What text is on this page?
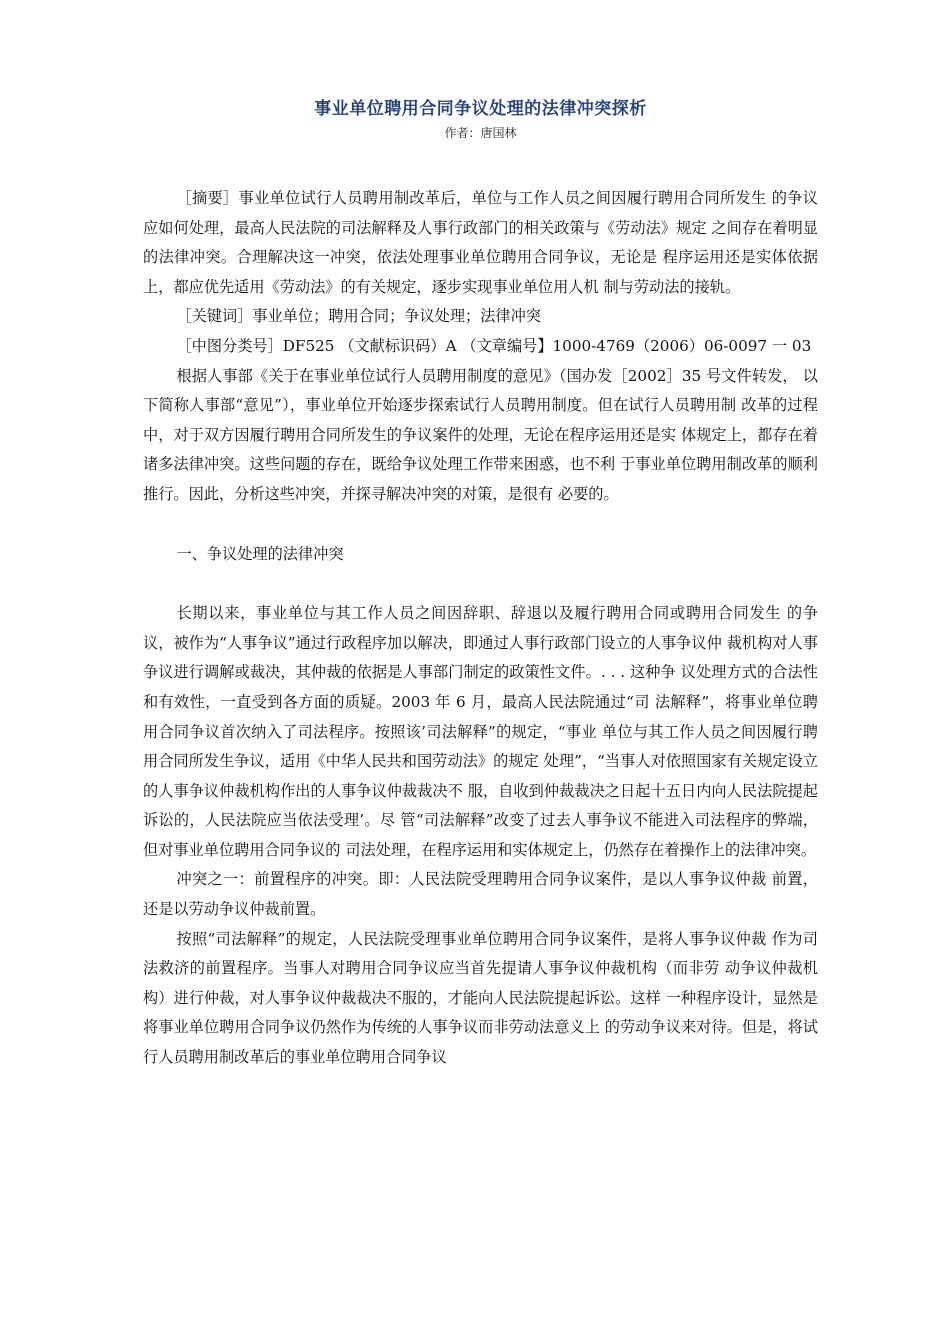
事业单位聘用合同争议处理的法律冲突探析
作者：唐国林

［摘要］事业单位试行人员聘用制改革后，单位与工作人员之间因履行聘用合同所发生 的争议应如何处理，最高人民法院的司法解释及人事行政部门的相关政策与《劳动法》规定 之间存在着明显的法律冲突。合理解决这一冲突，依法处理事业单位聘用合同争议，无论是 程序运用还是实体依据上，都应优先适用《劳动法》的有关规定，逐步实现事业单位用人机 制与劳动法的接轨。

［关键词］事业单位；聘用合同；争议处理；法律冲突

［中图分类号］DF525 （文献标识码）A （文章编号】1000-4769（2006）06-0097 一 03

根据人事部《关于在事业单位试行人员聘用制度的意见》（国办发［2002］35 号文件转发， 以下简称人事部“意见”），事业单位开始逐步探索试行人员聘用制度。但在试行人员聘用制 改革的过程中，对于双方因履行聘用合同所发生的争议案件的处理，无论在程序运用还是实 体规定上，都存在着诸多法律冲突。这些问题的存在，既给争议处理工作带来困惑，也不利 于事业单位聘用制改革的顺利推行。因此，分析这些冲突，并探寻解决冲突的对策，是很有 必要的。

一、争议处理的法律冲突

长期以来，事业单位与其工作人员之间因辞职、辞退以及履行聘用合同或聘用合同发生 的争议，被作为“人事争议”通过行政程序加以解决，即通过人事行政部门设立的人事争议仲 裁机构对人事争议进行调解或裁决，其仲裁的依据是人事部门制定的政策性文件。. . . 这种争 议处理方式的合法性和有效性，一直受到各方面的质疑。2003 年 6 月，最高人民法院通过“司 法解释”，将事业单位聘用合同争议首次纳入了司法程序。按照该’司法解释”的规定，“事业 单位与其工作人员之间因履行聘用合同所发生争议，适用《中华人民共和国劳动法》的规定 处理”，“当事人对依照国家有关规定设立的人事争议仲裁机构作出的人事争议仲裁裁决不 服，自收到仲裁裁决之日起十五日内向人民法院提起诉讼的，人民法院应当依法受理’。尽 管“司法解释”改变了过去人事争议不能进入司法程序的弊端，但对事业单位聘用合同争议的 司法处理，在程序运用和实体规定上，仍然存在着操作上的法律冲突。

冲突之一：前置程序的冲突。即：人民法院受理聘用合同争议案件，是以人事争议仲裁 前置，还是以劳动争议仲裁前置。

按照“司法解释”的规定，人民法院受理事业单位聘用合同争议案件，是将人事争议仲裁 作为司法救济的前置程序。当事人对聘用合同争议应当首先提请人事争议仲裁机构（而非劳 动争议仲裁机构）进行仲裁，对人事争议仲裁裁决不服的，才能向人民法院提起诉讼。这样 一种程序设计，显然是将事业单位聘用合同争议仍然作为传统的人事争议而非劳动法意义上 的劳动争议来对待。但是，将试行人员聘用制改革后的事业单位聘用合同争议
